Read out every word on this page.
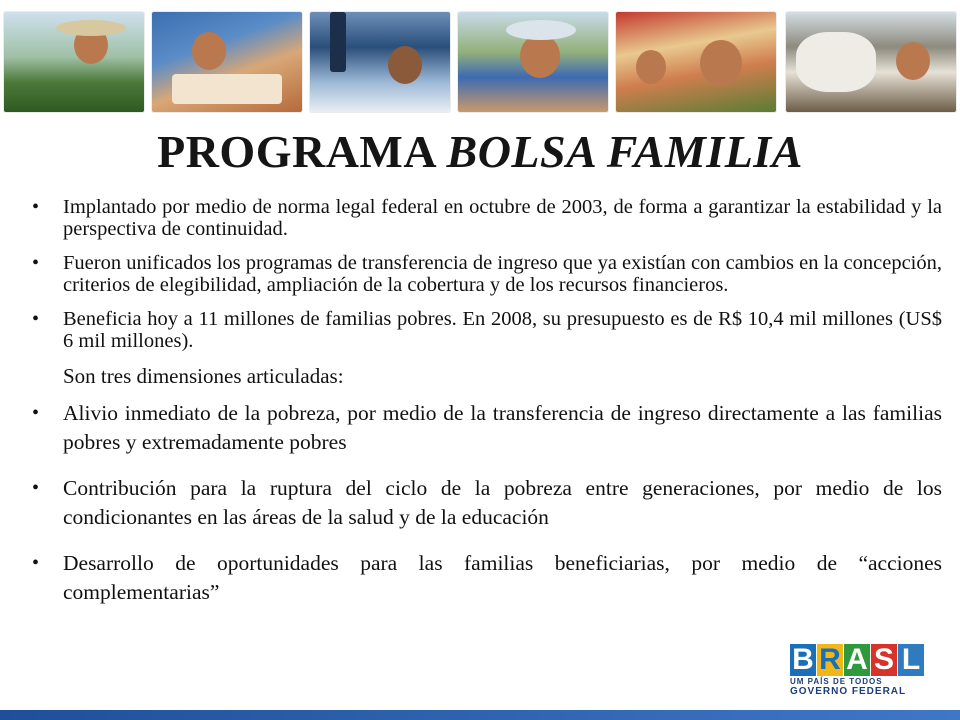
PROGRAMA BOLSA FAMILIA
• Implantado por medio de norma legal federal en octubre de 2003, de forma a garantizar la estabilidad y la perspectiva de continuidad.
• Fueron unificados los programas de transferencia de ingreso que ya existían con cambios en la concepción, criterios de elegibilidad, ampliación de la cobertura y de los recursos financieros.
• Beneficia hoy a 11 millones de familias pobres. En 2008, su presupuesto es de R$ 10,4 mil millones (US$ 6 mil millones).
Son tres dimensiones articuladas:
• Alivio inmediato de la pobreza, por medio de la transferencia de ingreso directamente a las familias pobres y extremadamente pobres
• Contribución para la ruptura del ciclo de la pobreza entre generaciones, por medio de los condicionantes en las áreas de la salud y de la educación
• Desarrollo de oportunidades para las familias beneficiarias, por medio de “acciones complementarias”
B R A S L
UM PAÍS DE TODOS
GOVERNO FEDERAL
